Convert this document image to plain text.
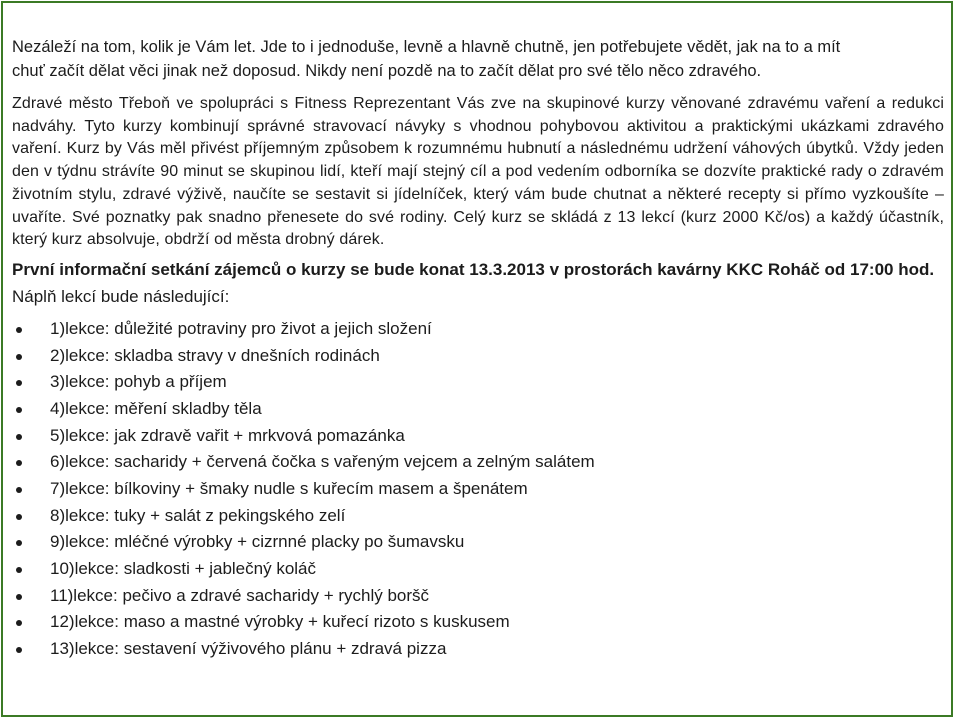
Nezáleží na tom, kolik je Vám let. Jde to i jednoduše, levně a hlavně chutně, jen potřebujete vědět, jak na to a mít

chuť začít dělat věci jinak než doposud. Nikdy není pozdě na to začít dělat pro své tělo něco zdravého.

Zdravé město Třeboň ve spolupráci s Fitness Reprezentant Vás zve na skupinové kurzy věnované zdravému vaření a redukci nadváhy. Tyto kurzy kombinují správné stravovací návyky s vhodnou pohybovou aktivitou a praktickými ukázkami zdravého vaření. Kurz by Vás měl přivést příjemným způsobem k rozumnému hubnutí a následnému udržení váhových úbytků. Vždy jeden den v týdnu strávíte 90 minut se skupinou lidí, kteří mají stejný cíl a pod vedením odborníka se dozvíte praktické rady o zdravém životním stylu, zdravé výživě, naučíte se sestavit si jídelníček, který vám bude chutnat a některé recepty si přímo vyzkoušíte – uvaříte. Své poznatky pak snadno přenesete do své rodiny. Celý kurz se skládá z 13 lekcí (kurz 2000 Kč/os) a každý účastník, který kurz absolvuje, obdrží od města drobný dárek.

První informační setkání zájemců o kurzy se bude konat 13.3.2013 v prostorách kavárny KKC Roháč od 17:00 hod.

Náplň lekcí bude následující:

1)lekce: důležité potraviny pro život a jejich složení
2)lekce: skladba stravy v dnešních rodinách
3)lekce: pohyb a příjem
4)lekce: měření skladby těla
5)lekce: jak zdravě vařit + mrkvová pomazánka
6)lekce: sacharidy + červená čočka s vařeným vejcem a zelným salátem
7)lekce: bílkoviny + šmaky nudle s kuřecím masem a špenátem
8)lekce: tuky + salát z pekingského zelí
9)lekce: mléčné výrobky + cizrnné placky po šumavsku
10)lekce: sladkosti + jablečný koláč
11)lekce: pečivo a zdravé sacharidy + rychlý boršč
12)lekce: maso a mastné výrobky + kuřecí rizoto s kuskusem
13)lekce: sestavení výživového plánu + zdravá pizza
